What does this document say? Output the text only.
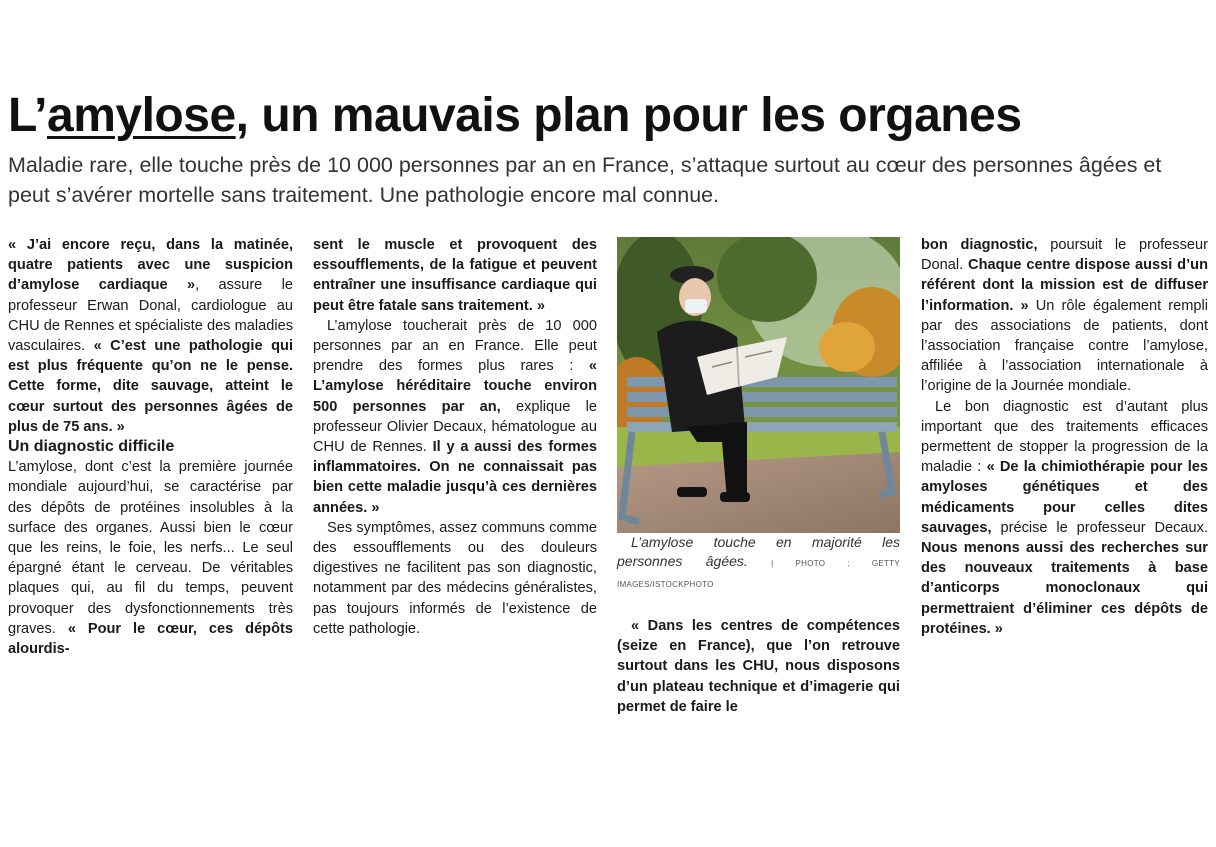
L’amylose, un mauvais plan pour les organes

Maladie rare, elle touche près de 10 000 personnes par an en France, s’attaque surtout au cœur des personnes âgées et peut s’avérer mortelle sans traitement. Une pathologie encore mal connue.

« J’ai encore reçu, dans la matinée, quatre patients avec une suspicion d’amylose cardiaque », assure le professeur Erwan Donal, cardiologue au CHU de Rennes et spécialiste des maladies vasculaires. « C’est une pathologie qui est plus fréquente qu’on ne le pense. Cette forme, dite sauvage, atteint le cœur surtout des personnes âgées de plus de 75 ans. »

Un diagnostic difficile

L’amylose, dont c’est la première journée mondiale aujourd’hui, se caractérise par des dépôts de protéines insolubles à la surface des organes. Aussi bien le cœur que les reins, le foie, les nerfs... Le seul épargné étant le cerveau. De véritables plaques qui, au fil du temps, peuvent provoquer des dysfonctionnements très graves. « Pour le cœur, ces dépôts alourdis-

sent le muscle et provoquent des essoufflements, de la fatigue et peuvent entraîner une insuffisance cardiaque qui peut être fatale sans traitement. »

L’amylose toucherait près de 10 000 personnes par an en France. Elle peut prendre des formes plus rares : « L’amylose héréditaire touche environ 500 personnes par an, explique le professeur Olivier Decaux, hématologue au CHU de Rennes. Il y a aussi des formes inflammatoires. On ne connaissait pas bien cette maladie jusqu’à ces dernières années. »

Ses symptômes, assez communs comme des essoufflements ou des douleurs digestives ne facilitent pas son diagnostic, notamment par des médecins généralistes, pas toujours informés de l’existence de cette pathologie.

L’amylose touche en majorité les personnes âgées.	| PHOTO : GETTY IMAGES/ISTOCKPHOTO

« Dans les centres de compétences (seize en France), que l’on retrouve surtout dans les CHU, nous disposons d’un plateau technique et d’imagerie qui permet de faire le

bon diagnostic, poursuit le professeur Donal. Chaque centre dispose aussi d’un référent dont la mission est de diffuser l’information. » Un rôle également rempli par des associations de patients, dont l’association française contre l’amylose, affiliée à l’association internationale à l’origine de la Journée mondiale.

Le bon diagnostic est d’autant plus important que des traitements efficaces permettent de stopper la progression de la maladie : « De la chimiothérapie pour les amyloses génétiques et des médicaments pour celles dites sauvages, précise le professeur Decaux. Nous menons aussi des recherches sur des nouveaux traitements à base d’anticorps monoclonaux qui permettraient d’éliminer ces dépôts de protéines. »
